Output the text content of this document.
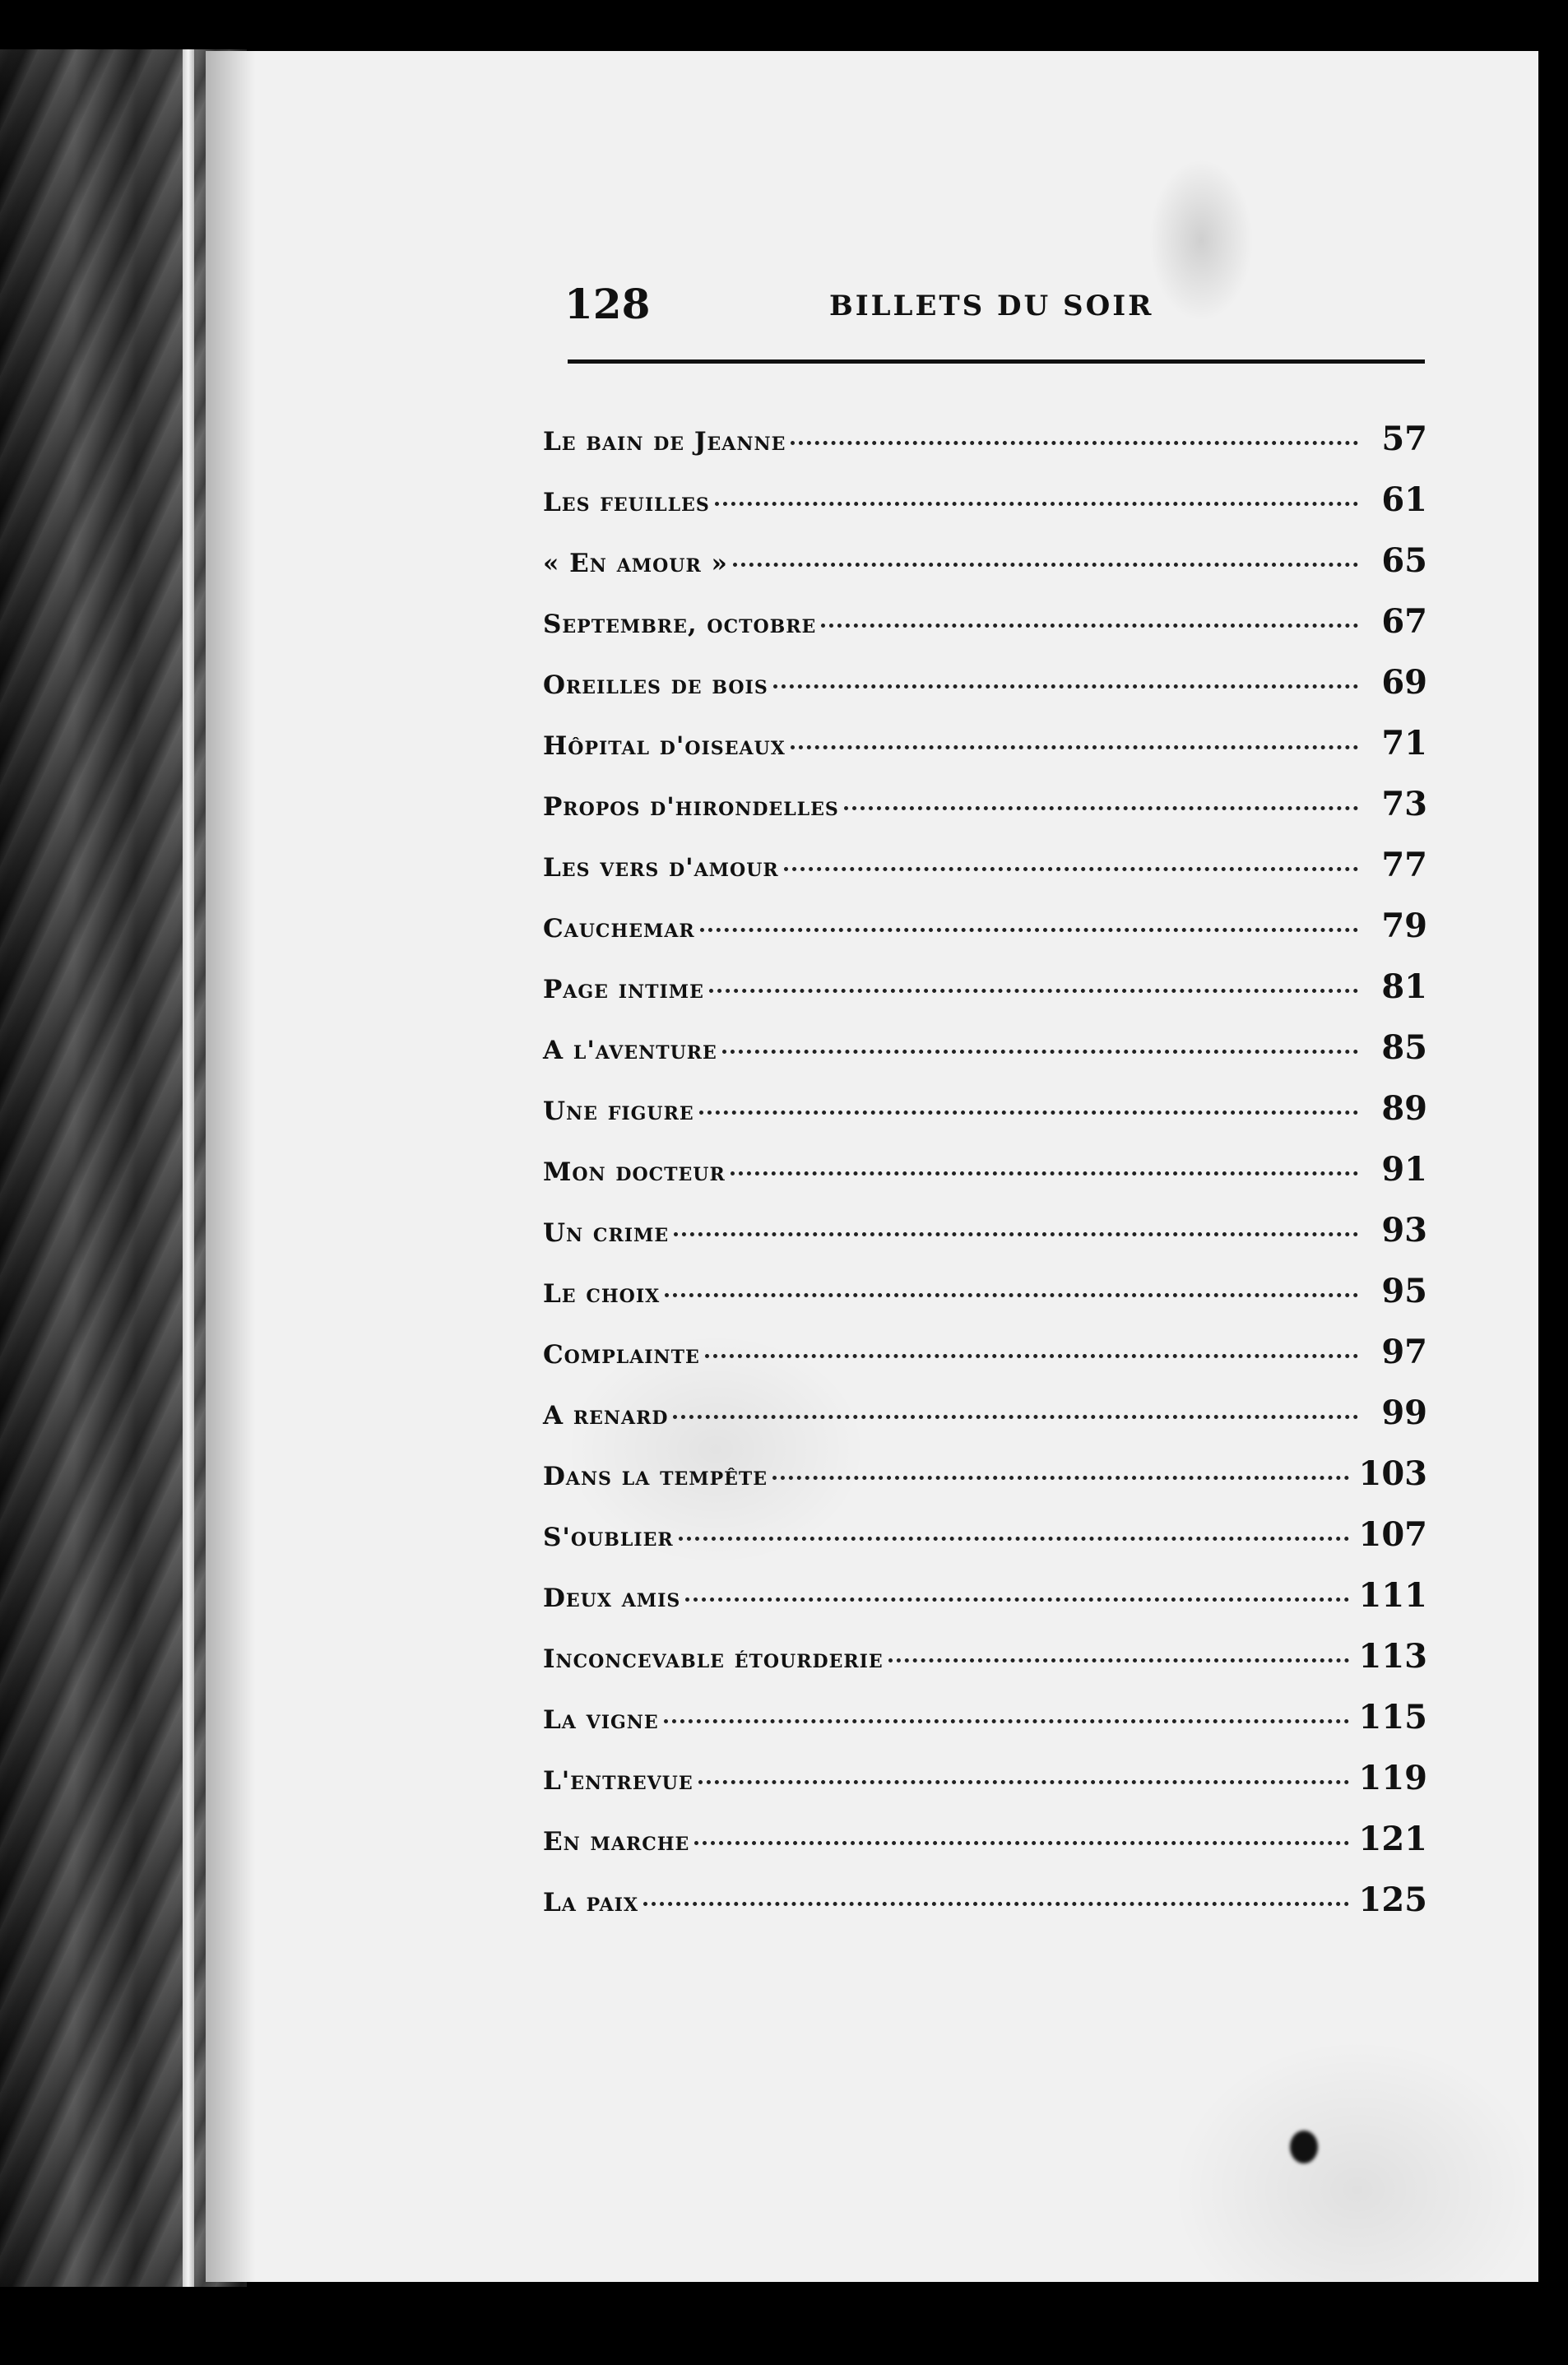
128	BILLETS DU SOIR
Le bain de Jeanne	57
Les feuilles	61
« En amour »	65
Septembre, octobre	67
Oreilles de bois	69
Hôpital d'oiseaux	71
Propos d'hirondelles	73
Les vers d'amour	77
Cauchemar	79
Page intime	81
A l'aventure	85
Une figure	89
Mon docteur	91
Un crime	93
Le choix	95
Complainte	97
A renard	99
Dans la tempête	103
S'oublier	107
Deux amis	111
Inconcevable étourderie	113
La vigne	115
L'entrevue	119
En marche	121
La paix	125
